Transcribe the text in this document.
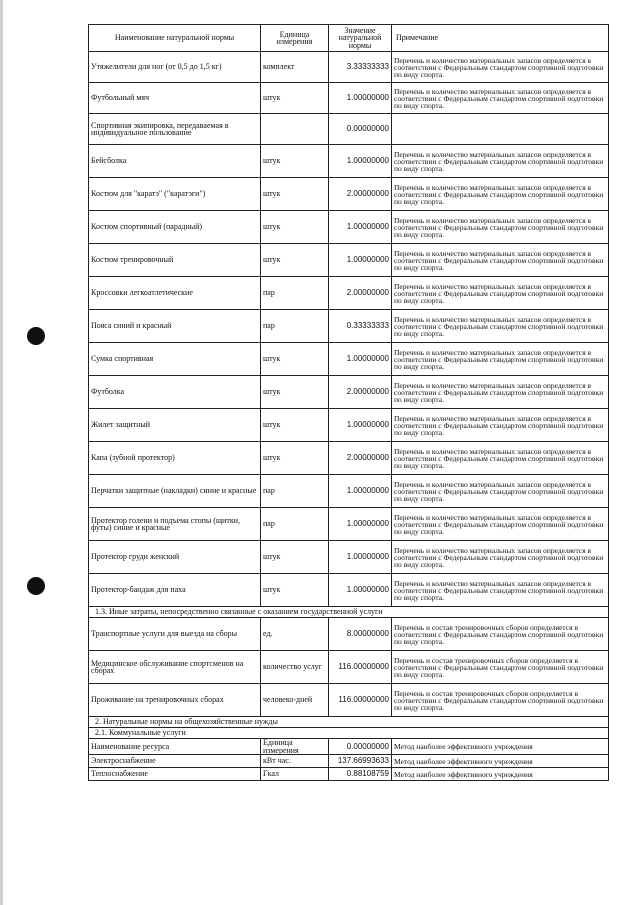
Наименование натуральной нормы	Единица измерения	Значение натуральной нормы	Примечание
Утяжелители для ног (от 0,5 до 1,5 кг)	комплект	3.33333333	Перечень и количество материальных запасов определяется в соответствии с Федеральным стандартом спортивной подготовки по виду спорта.
Футбольный мяч	штук	1.00000000	Перечень и количество материальных запасов определяется в соответствии с Федеральным стандартом спортивной подготовки по виду спорта.
Спортивная экипировка, передаваемая в индивидуальное пользование		0.00000000	
Бейсболка	штук	1.00000000	Перечень и количество материальных запасов определяется в соответствии с Федеральным стандартом спортивной подготовки по виду спорта.
Костюм для "каратэ" ("каратэги")	штук	2.00000000	Перечень и количество материальных запасов определяется в соответствии с Федеральным стандартом спортивной подготовки по виду спорта.
Костюм спортивный (парадный)	штук	1.00000000	Перечень и количество материальных запасов определяется в соответствии с Федеральным стандартом спортивной подготовки по виду спорта.
Костюм тренировочный	штук	1.00000000	Перечень и количество материальных запасов определяется в соответствии с Федеральным стандартом спортивной подготовки по виду спорта.
Кроссовки легкоатлетические	пар	2.00000000	Перечень и количество материальных запасов определяется в соответствии с Федеральным стандартом спортивной подготовки по виду спорта.
Пояса синий и красный	пар	0.33333333	Перечень и количество материальных запасов определяется в соответствии с Федеральным стандартом спортивной подготовки по виду спорта.
Сумка спортивная	штук	1.00000000	Перечень и количество материальных запасов определяется в соответствии с Федеральным стандартом спортивной подготовки по виду спорта.
Футболка	штук	2.00000000	Перечень и количество материальных запасов определяется в соответствии с Федеральным стандартом спортивной подготовки по виду спорта.
Жилет защитный	штук	1.00000000	Перечень и количество материальных запасов определяется в соответствии с Федеральным стандартом спортивной подготовки по виду спорта.
Капа (зубной протектор)	штук	2.00000000	Перечень и количество материальных запасов определяется в соответствии с Федеральным стандартом спортивной подготовки по виду спорта.
Перчатки защитные (накладки) синие и красные	пар	1.00000000	Перечень и количество материальных запасов определяется в соответствии с Федеральным стандартом спортивной подготовки по виду спорта.
Протектор голени и подъема стопы (щитки, футы) синие и красные	пар	1.00000000	Перечень и количество материальных запасов определяется в соответствии с Федеральным стандартом спортивной подготовки по виду спорта.
Протектор груди женский	штук	1.00000000	Перечень и количество материальных запасов определяется в соответствии с Федеральным стандартом спортивной подготовки по виду спорта.
Протектор-бандаж для паха	штук	1.00000000	Перечень и количество материальных запасов определяется в соответствии с Федеральным стандартом спортивной подготовки по виду спорта.
1.3. Иные затраты, непосредственно связанные с оказанием государственной услуги			
Транспортные услуги для выезда на сборы	ед.	8.00000000	Перечень и состав тренировочных сборов определяется в соответствии с Федеральным стандартом спортивной подготовки по виду спорта.
Медицинское обслуживание спортсменов на сборах	количество услуг	116.00000000	Перечень и состав тренировочных сборов определяется в соответствии с Федеральным стандартом спортивной подготовки по виду спорта.
Проживание на тренировочных сборах	человеко-дней	116.00000000	Перечень и состав тренировочных сборов определяется в соответствии с Федеральным стандартом спортивной подготовки по виду спорта.
2. Натуральные нормы на общехозяйственные нужды			
2.1. Коммунальные услуги			
Наименование ресурса	Единица измерения	0.00000000	Метод наиболее эффективного учреждения
Электроснабжение	кВт час.	137.66993633	Метод наиболее эффективного учреждения
Теплоснабжение	Гкал	0.88108759	Метод наиболее эффективного учреждения
